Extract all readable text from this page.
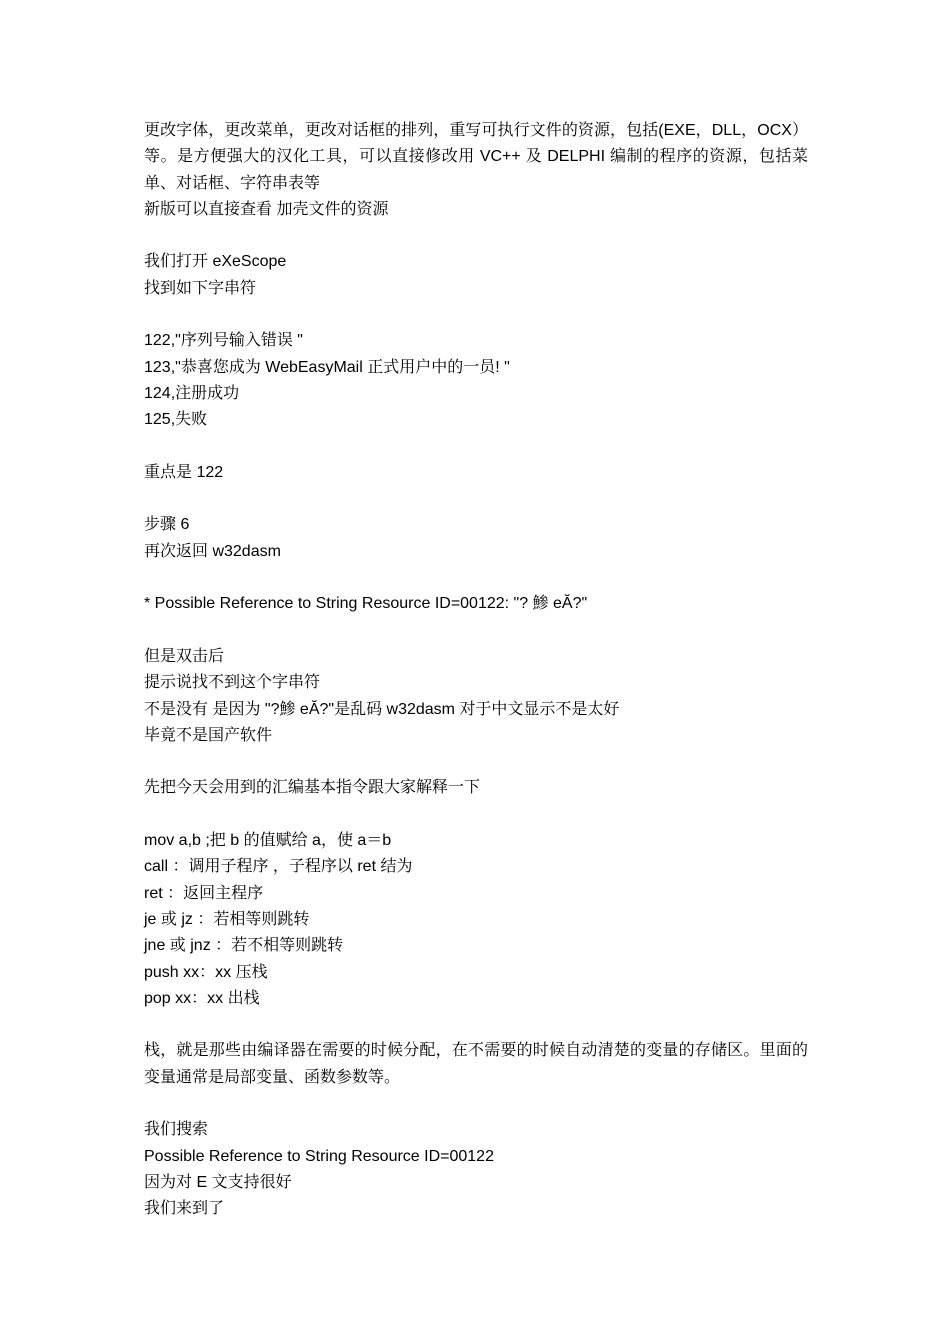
更改字体，更改菜单，更改对话框的排列，重写可执行文件的资源，包括(EXE，DLL，OCX）等。是方便强大的汉化工具，可以直接修改用 VC++ 及 DELPHI 编制的程序的资源，包括菜单、对话框、字符串表等
新版可以直接查看 加壳文件的资源
我们打开 eXeScope
找到如下字串符
122,"序列号输入错误 "
123,"恭喜您成为 WebEasyMail 正式用户中的一员! "
124,注册成功
125,失败
重点是 122
步骤 6
再次返回 w32dasm
* Possible Reference to String Resource ID=00122: "? 鯵 eĂ?"
但是双击后
提示说找不到这个字串符
不是没有 是因为 "?鯵 eĂ?"是乱码 w32dasm 对于中文显示不是太好
毕竟不是国产软件
先把今天会用到的汇编基本指令跟大家解释一下
mov a,b ;把 b 的值赋给 a，使 a＝b
call ：调用子程序 ，子程序以 ret 结为
ret ：返回主程序
je 或 jz ：若相等则跳转
jne 或 jnz ：若不相等则跳转
push xx：xx 压栈
pop xx：xx 出栈
栈，就是那些由编译器在需要的时候分配，在不需要的时候自动清楚的变量的存储区。里面的变量通常是局部变量、函数参数等。
我们搜索
Possible Reference to String Resource ID=00122
因为对 E 文支持很好
我们来到了
